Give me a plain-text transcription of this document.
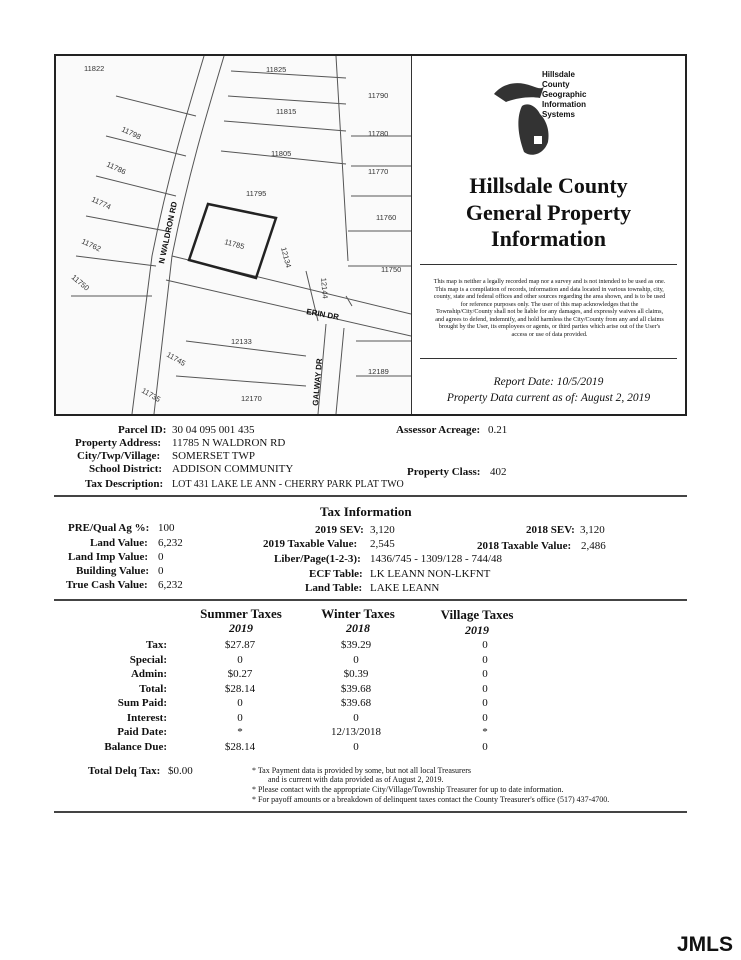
11822	11825
11790
11815
11780
11798
11805
11786	11770
11795
11774
11760
11785
11762
12134
12144
11750
11750
12133
11745
12189
11735	12170
N WALDRON RD
ERIN DR
GALWAY DR
Hillsdale
County
Geographic
Information
Systems
Hillsdale County
General Property
Information
This map is neither a legally recorded map nor a survey and is not intended to be used as one. This map is a compilation of records, information and data located in various township, city, county, state and federal offices and other sources regarding the area shown, and is to be used for reference purposes only. The user of this map acknowledges that the Township/City/County shall not be liable for any damages, and expressly waives all claims, and agrees to defend, indemnify, and hold harmless the City/County from any and all claims brought by the User, its employees or agents, or third parties which arise out of the User's access or use of data provided.
Report Date: 10/5/2019
Property Data current as of: August 2, 2019
Parcel ID: 30 04 095 001 435	Assessor Acreage: 0.21
Property Address: 11785 N WALDRON RD
City/Twp/Village: SOMERSET TWP
School District: ADDISON COMMUNITY	Property Class: 402
Tax Description: LOT 431 LAKE LE ANN - CHERRY PARK PLAT TWO
Tax Information
PRE/Qual Ag %: 100	2019 SEV: 3,120	2018 SEV: 3,120
Land Value: 6,232	2019 Taxable Value: 2,545	2018 Taxable Value: 2,486
Land Imp Value: 0	Liber/Page(1-2-3): 1436/745 - 1309/128 - 744/48
Building Value: 0	ECF Table: LK LEANN NON-LKFNT
True Cash Value: 6,232	Land Table: LAKE LEANN
Summer Taxes
2019
Winter Taxes
2018
Village Taxes
2019
Tax:	$27.87	$39.29	0
Special:	0	0	0
Admin:	$0.27	$0.39	0
Total:	$28.14	$39.68	0
Sum Paid:	0	$39.68	0
Interest:	0	0	0
Paid Date:	*	12/13/2018	*
Balance Due:	$28.14	0	0
Total Delq Tax: $0.00	* Tax Payment data is provided by some, but not all local Treasurers
and is current with data provided as of August 2, 2019.
* Please contact with the appropriate City/Village/Township Treasurer for up to date information.
* For payoff amounts or a breakdown of delinquent taxes contact the County Treasurer's office (517) 437-4700.
JMLS
